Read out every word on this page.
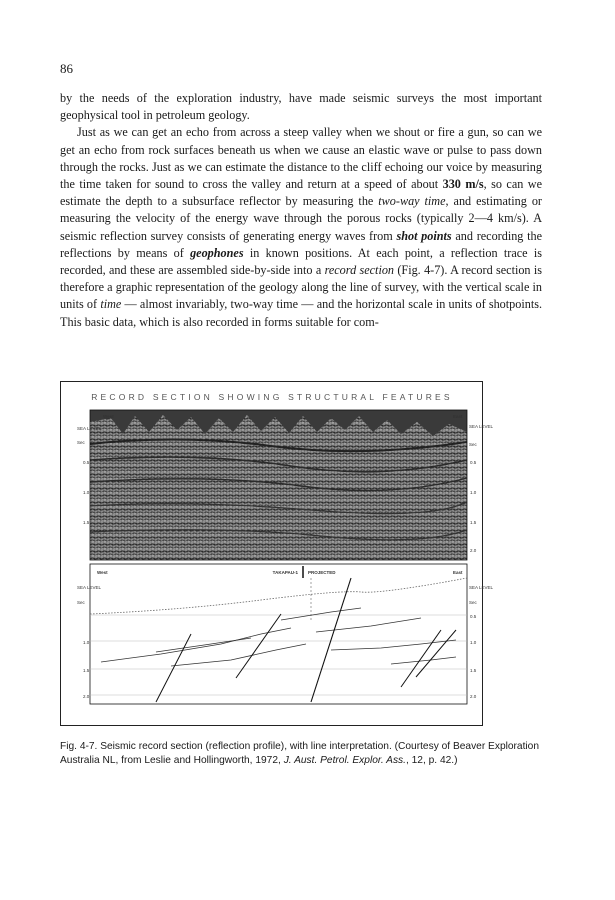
86

by the needs of the exploration industry, have made seismic surveys the most important geophysical tool in petroleum geology.

Just as we can get an echo from across a steep valley when we shout or fire a gun, so can we get an echo from rock surfaces beneath us when we cause an elastic wave or pulse to pass down through the rocks. Just as we can estimate the distance to the cliff echoing our voice by measuring the time taken for sound to cross the valley and return at a speed of about 330 m/s, so can we estimate the depth to a subsurface reflector by measuring the two-way time, and estimating or measuring the velocity of the energy wave through the porous rocks (typically 2—4 km/s). A seismic reflection survey consists of generating energy waves from shot points and recording the reflections by means of geophones in known positions. At each point, a reflection trace is recorded, and these are assembled side-by-side into a record section (Fig. 4-7). A record section is therefore a graphic representation of the geology along the line of survey, with the vertical scale in units of time — almost invariably, two-way time — and the horizontal scale in units of shotpoints. This basic data, which is also recorded in forms suitable for com-

RECORD SECTION SHOWING STRUCTURAL FEATURES
West	East
SEA LEVEL
Sec
0.5
1.0
1.5
SEA LEVEL
Sec
0.5
1.0
1.5
2.0
West	East
TAKAPAU-1 PROJECTED
SEA LEVEL
Sec
1.0
1.5
2.0
SEA LEVEL
Sec
0.5
1.0
1.5
2.0

Fig. 4-7. Seismic record section (reflection profile), with line interpretation. (Courtesy of Beaver Exploration Australia NL, from Leslie and Hollingworth, 1972, J. Aust. Petrol. Explor. Ass., 12, p. 42.)
